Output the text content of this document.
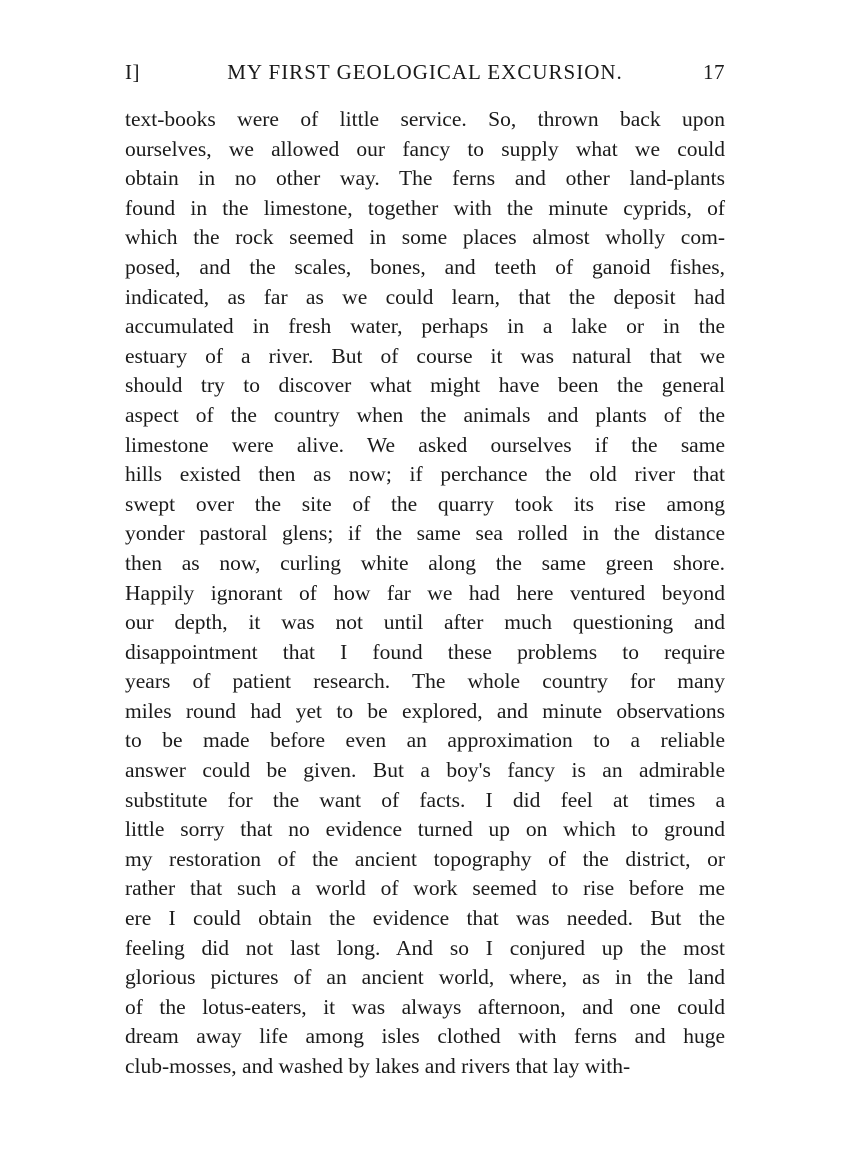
I]	MY FIRST GEOLOGICAL EXCURSION.	17
text-books were of little service. So, thrown back upon
ourselves, we allowed our fancy to supply what we could
obtain in no other way. The ferns and other land-plants
found in the limestone, together with the minute cyprids, of
which the rock seemed in some places almost wholly com-
posed, and the scales, bones, and teeth of ganoid fishes,
indicated, as far as we could learn, that the deposit had
accumulated in fresh water, perhaps in a lake or in the
estuary of a river. But of course it was natural that we
should try to discover what might have been the general
aspect of the country when the animals and plants of the
limestone were alive. We asked ourselves if the same
hills existed then as now; if perchance the old river that
swept over the site of the quarry took its rise among
yonder pastoral glens; if the same sea rolled in the distance
then as now, curling white along the same green shore.
Happily ignorant of how far we had here ventured beyond
our depth, it was not until after much questioning and
disappointment that I found these problems to require
years of patient research. The whole country for many
miles round had yet to be explored, and minute observations
to be made before even an approximation to a reliable
answer could be given. But a boy's fancy is an admirable
substitute for the want of facts. I did feel at times a
little sorry that no evidence turned up on which to ground
my restoration of the ancient topography of the district, or
rather that such a world of work seemed to rise before me
ere I could obtain the evidence that was needed. But the
feeling did not last long. And so I conjured up the most
glorious pictures of an ancient world, where, as in the land
of the lotus-eaters, it was always afternoon, and one could
dream away life among isles clothed with ferns and huge
club-mosses, and washed by lakes and rivers that lay with-
